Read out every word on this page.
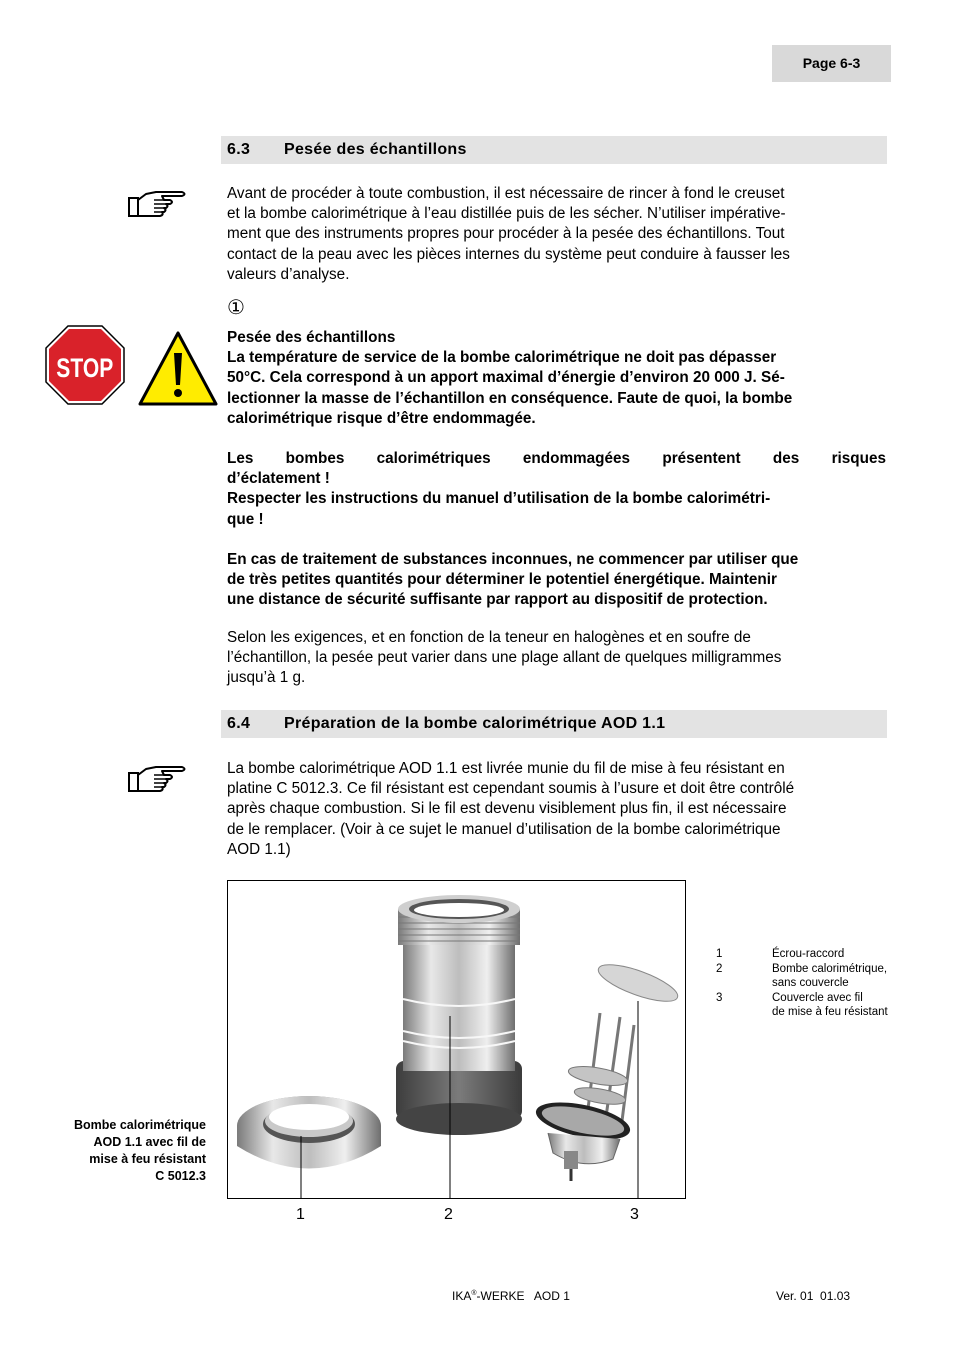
Page 6-3
6.3 Pesée des échantillons

Avant de procéder à toute combustion, il est nécessaire de rincer à fond le creuset

et la bombe calorimétrique à l’eau distillée puis de les sécher. N’utiliser impérative-

ment que des instruments propres pour procéder à la pesée des échantillons. Tout

contact de la peau avec les pièces internes du système peut conduire à fausser les

valeurs d’analyse.

①
STOP

Pesée des échantillons

La température de service de la bombe calorimétrique ne doit pas dépasser

50°C. Cela correspond à un apport maximal d’énergie d’environ 20 000 J. Sé-

lectionner la masse de l’échantillon en conséquence. Faute de quoi, la bombe

calorimétrique risque d’être endommagée.

Les bombes calorimétriques endommagées présentent des risques

d’éclatement !

Respecter les instructions du manuel d’utilisation de la bombe calorimétri-

que !

En cas de traitement de substances inconnues, ne commencer par utiliser que

de très petites quantités pour déterminer le potentiel énergétique. Maintenir

une distance de sécurité suffisante par rapport au dispositif de protection.

Selon les exigences, et en fonction de la teneur en halogènes et en soufre de

l’échantillon, la pesée peut varier dans une plage allant de quelques milligrammes

jusqu’à 1 g.

6.4 Préparation de la bombe calorimétrique AOD 1.1

La bombe calorimétrique AOD 1.1 est livrée munie du fil de mise à feu résistant en

platine C 5012.3. Ce fil résistant est cependant soumis à l’usure et doit être contrôlé

après chaque combustion. Si le fil est devenu visiblement plus fin, il est nécessaire

de le remplacer. (Voir à ce sujet le manuel d’utilisation de la bombe calorimétrique

AOD 1.1)

1	2	3
1	Écrou-raccord
2	Bombe calorimétrique,
sans couvercle
3	Couvercle avec fil
de mise à feu résistant
Bombe calorimétrique
AOD 1.1 avec fil de
mise à feu résistant
C 5012.3
IKA®-WERKE   AOD 1	Ver. 01  01.03
